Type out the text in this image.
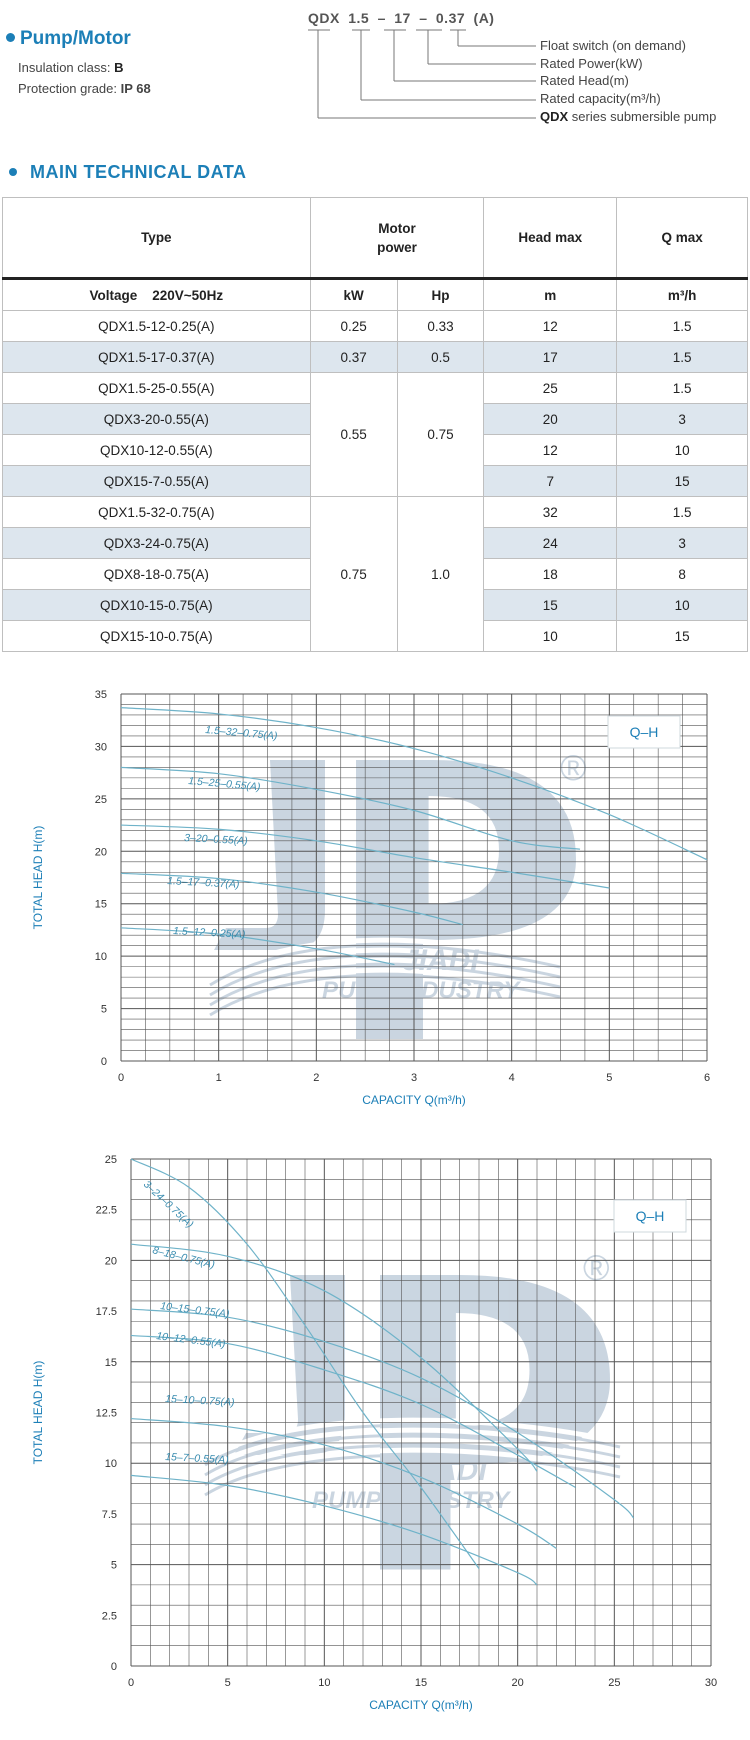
Pump/Motor
Insulation class: B
Protection grade: IP 68
QDX 1.5 – 17 – 0.37 (A)
Float switch (on demand)
Rated Power(kW)
Rated Head(m)
Rated capacity(m³/h)
QDX series submersible pump
MAIN TECHNICAL DATA
Type	Motor power		Head max	Q max
Voltage    220V~50Hz	kW	Hp	m	m³/h
QDX1.5-12-0.25(A)	0.25	0.33	12	1.5
QDX1.5-17-0.37(A)	0.37	0.5	17	1.5
QDX1.5-25-0.55(A)	0.55	0.75	25	1.5
QDX3-20-0.55(A)			20	3
QDX10-12-0.55(A)			12	10
QDX15-7-0.55(A)			7	15
QDX1.5-32-0.75(A)	0.75	1.0	32	1.5
QDX3-24-0.75(A)			24	3
QDX8-18-0.75(A)			18	8
QDX10-15-0.75(A)			15	10
QDX15-10-0.75(A)			10	15
JIADI
PUMP INDUSTRY
®
0	1	2	3	4	5	6
0
5
10
15
20
25
30
35
CAPACITY Q(m³/h)
TOTAL HEAD H(m)
Q–H
1.5–32–0.75(A)
1.5–25–0.55(A)
3–20–0.55(A)
1.5–17–0.37(A)
1.5–12–0.25(A)
JIADI
PUMP INDUSTRY
®
0	5	10	15	20	25	30
0
2.5
5
7.5
10
12.5
15
17.5
20
22.5
25
CAPACITY Q(m³/h)
TOTAL HEAD H(m)
Q–H
3–24–0.75(A)
8–18–0.75(A)
10–15–0.75(A)
10–12–0.55(A)
15–10–0.75(A)
15–7–0.55(A)
